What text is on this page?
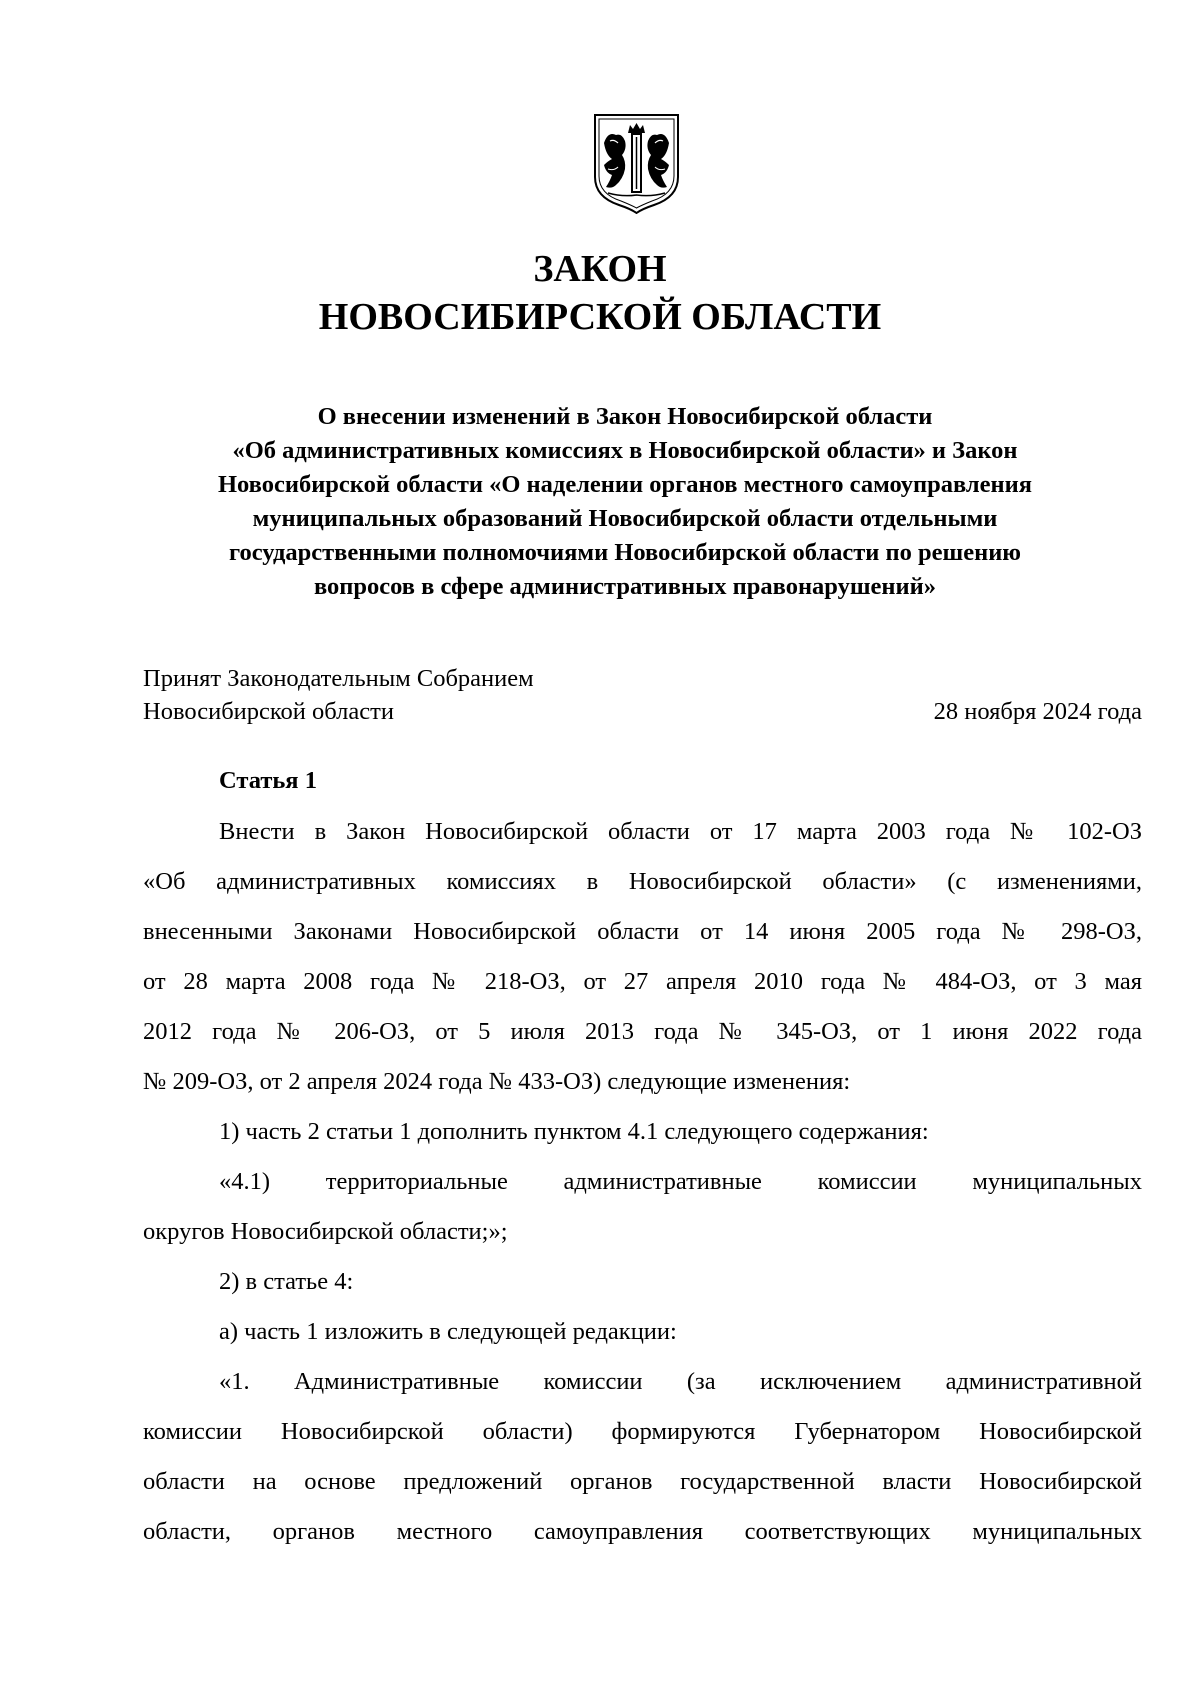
ЗАКОН
НОВОСИБИРСКОЙ ОБЛАСТИ
О внесении изменений в Закон Новосибирской области
«Об административных комиссиях в Новосибирской области» и Закон
Новосибирской области «О наделении органов местного самоуправления
муниципальных образований Новосибирской области отдельными
государственными полномочиями Новосибирской области по решению
вопросов в сфере административных правонарушений»
Принят Законодательным Собранием
Новосибирской области	28 ноября 2024 года
Статья 1
Внести в Закон Новосибирской области от 17 марта 2003 года № 102-ОЗ
«Об административных комиссиях в Новосибирской области» (с изменениями,
внесенными Законами Новосибирской области от 14 июня 2005 года № 298-ОЗ,
от 28 марта 2008 года № 218-ОЗ, от 27 апреля 2010 года № 484-ОЗ, от 3 мая
2012 года № 206-ОЗ, от 5 июля 2013 года № 345-ОЗ, от 1 июня 2022 года
№ 209-ОЗ, от 2 апреля 2024 года № 433-ОЗ) следующие изменения:
1) часть 2 статьи 1 дополнить пунктом 4.1 следующего содержания:
«4.1) территориальные административные комиссии муниципальных
округов Новосибирской области;»;
2) в статье 4:
а) часть 1 изложить в следующей редакции:
«1. Административные комиссии (за исключением административной
комиссии Новосибирской области) формируются Губернатором Новосибирской
области на основе предложений органов государственной власти Новосибирской
области, органов местного самоуправления соответствующих муниципальных
